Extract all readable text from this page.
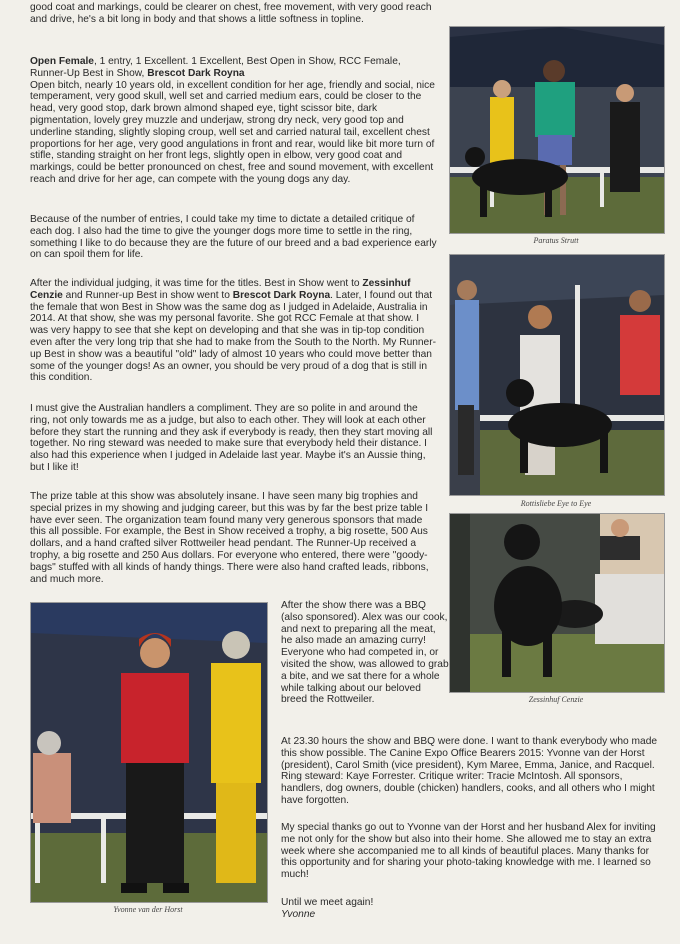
good coat and markings, could be clearer on chest, free movement, with very good reach and drive, he's a bit long in body and that shows a little softness in topline.

Open Female, 1 entry, 1 Excellent. 1 Excellent, Best Open in Show, RCC Female, Runner-Up Best in Show, Brescot Dark Royna
Open bitch, nearly 10 years old, in excellent condition for her age, friendly and social, nice temperament, very good skull, well set and carried medium ears, could be closer to the head, very good stop, dark brown almond shaped eye, tight scissor bite, dark pigmentation, lovely grey muzzle and underjaw, strong dry neck, very good top and underline standing, slightly sloping croup, well set and carried natural tail, excellent chest proportions for her age, very good angulations in front and rear, would like bit more turn of stifle, standing straight on her front legs, slightly open in elbow, very good coat and markings, could be better pronounced on chest, free and sound movement, with excellent reach and drive for her age, can compete with the young dogs any day.

Because of the number of entries, I could take my time to dictate a detailed critique of each dog. I also had the time to give the younger dogs more time to settle in the ring, something I like to do because they are the future of our breed and a bad experience early on can spoil them for life.

After the individual judging, it was time for the titles. Best in Show went to Zessinhuf Cenzie and Runner-up Best in show went to Brescot Dark Royna. Later, I found out that the female that won Best in Show was the same dog as I judged in Adelaide, Australia in 2014. At that show, she was my personal favorite. She got RCC Female at that show. I was very happy to see that she kept on developing and that she was in tip-top condition even after the very long trip that she had to make from the South to the North. My Runner-up Best in show was a beautiful "old" lady of almost 10 years who could move better than some of the younger dogs! As an owner, you should be very proud of a dog that is still in this condition.

I must give the Australian handlers a compliment. They are so polite in and around the ring, not only towards me as a judge, but also to each other. They will look at each other before they start the running and they ask if everybody is ready, then they start moving all together. No ring steward was needed to make sure that everybody held their distance. I also had this experience when I judged in Adelaide last year. Maybe it's an Aussie thing, but I like it!

The prize table at this show was absolutely insane. I have seen many big trophies and special prizes in my showing and judging career, but this was by far the best prize table I have ever seen. The organization team found many very generous sponsors that made this all possible. For example, the Best in Show received a trophy, a big rosette, 500 Aus dollars, and a hand crafted silver Rottweiler head pendant. The Runner-Up received a trophy, a big rosette and 250 Aus dollars. For everyone who entered, there were "goody-bags" stuffed with all kinds of handy things. There were also hand crafted leads, ribbons, and much more.

After the show there was a BBQ (also sponsored). Alex was our cook, and next to preparing all the meat, he also made an amazing curry! Everyone who had competed in, or visited the show, was allowed to grab a bite, and we sat there for a whole while talking about our beloved breed the Rottweiler.

At 23.30 hours the show and BBQ were done. I want to thank everybody who made this show possible. The Canine Expo Office Bearers 2015: Yvonne van der Horst (president), Carol Smith (vice president), Kym Maree, Emma, Janice, and Racquel. Ring steward: Kaye Forrester. Critique writer: Tracie McIntosh. All sponsors, handlers, dog owners, double (chicken) handlers, cooks, and all others who I might have forgotten.

My special thanks go out to Yvonne van der Horst and her husband Alex for inviting me not only for the show but also into their home. She allowed me to stay an extra week where she accompanied me to all kinds of beautiful places. Many thanks for this opportunity and for sharing your photo-taking knowledge with me. I learned so much!

Until we meet again!
Yvonne

Paratus Strutt

Rottisliebe Eye to Eye

Zessinhuf Cenzie

Yvonne van der Horst
